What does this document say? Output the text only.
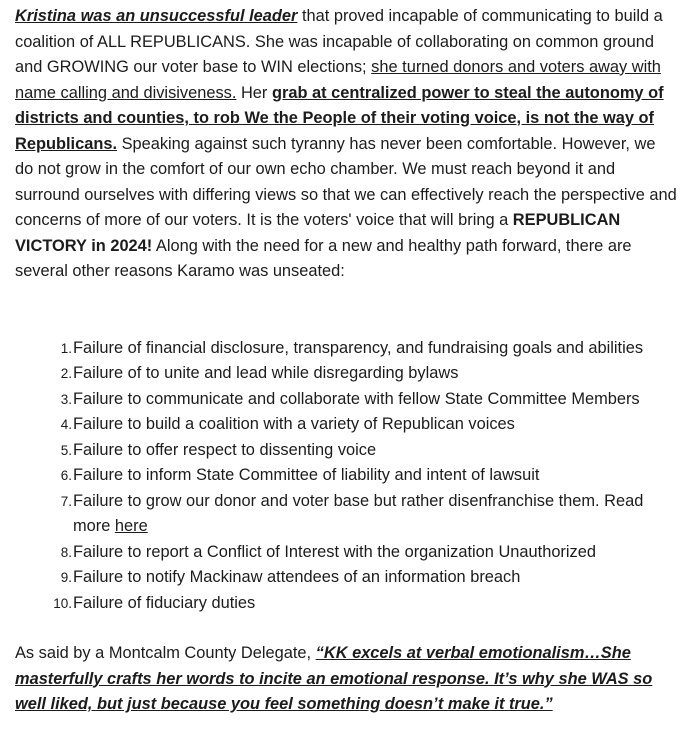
Kristina was an unsuccessful leader that proved incapable of communicating to build a coalition of ALL REPUBLICANS. She was incapable of collaborating on common ground and GROWING our voter base to WIN elections; she turned donors and voters away with name calling and divisiveness. Her grab at centralized power to steal the autonomy of districts and counties, to rob We the People of their voting voice, is not the way of Republicans. Speaking against such tyranny has never been comfortable. However, we do not grow in the comfort of our own echo chamber. We must reach beyond it and surround ourselves with differing views so that we can effectively reach the perspective and concerns of more of our voters. It is the voters' voice that will bring a REPUBLICAN VICTORY in 2024! Along with the need for a new and healthy path forward, there are several other reasons Karamo was unseated:

1. Failure of financial disclosure, transparency, and fundraising goals and abilities
2. Failure of to unite and lead while disregarding bylaws
3. Failure to communicate and collaborate with fellow State Committee Members
4. Failure to build a coalition with a variety of Republican voices
5. Failure to offer respect to dissenting voice
6. Failure to inform State Committee of liability and intent of lawsuit
7. Failure to grow our donor and voter base but rather disenfranchise them. Read more here
8. Failure to report a Conflict of Interest with the organization Unauthorized
9. Failure to notify Mackinaw attendees of an information breach
10. Failure of fiduciary duties

As said by a Montcalm County Delegate, “KK excels at verbal emotionalism…She masterfully crafts her words to incite an emotional response. It’s why she WAS so well liked, but just because you feel something doesn’t make it true.”
